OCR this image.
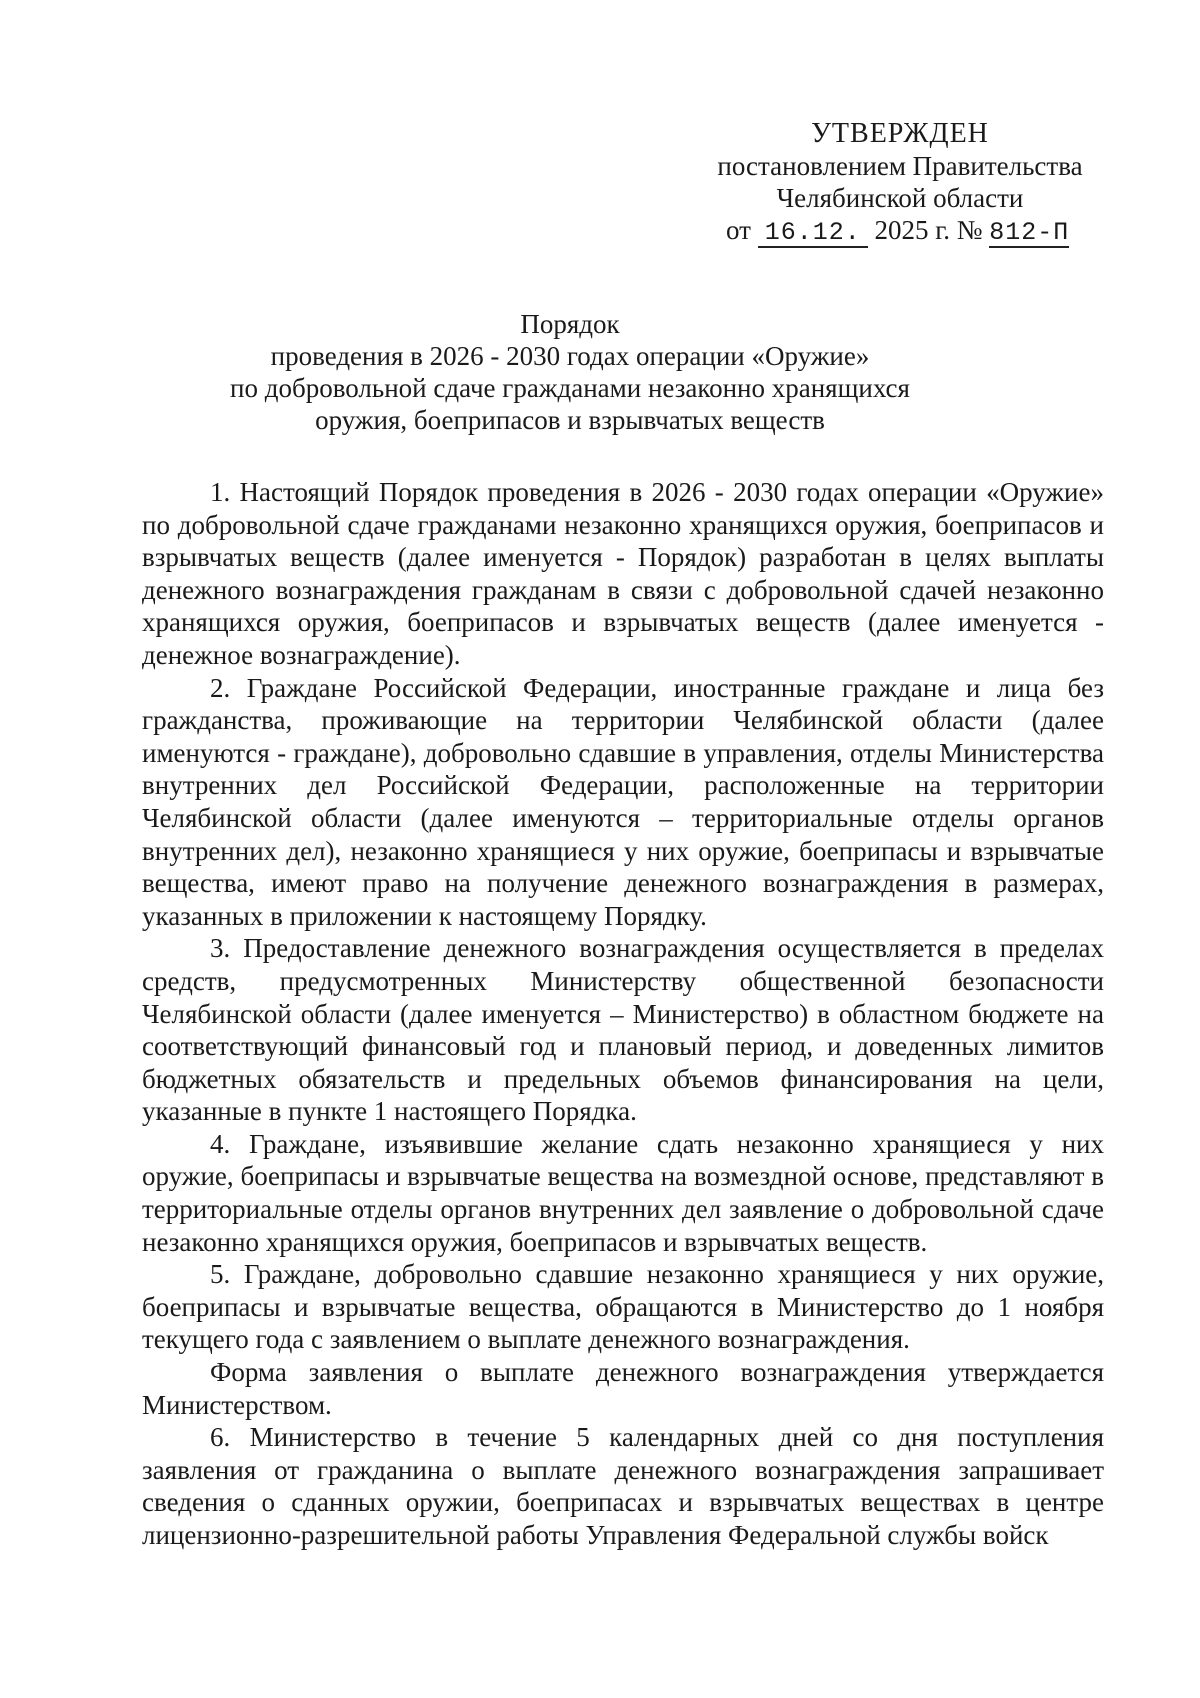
УТВЕРЖДЕН
постановлением Правительства
Челябинской области
от 16.12. 2025 г. № 812-П
Порядок
проведения в 2026 - 2030 годах операции «Оружие»
по добровольной сдаче гражданами незаконно хранящихся
оружия, боеприпасов и взрывчатых веществ

1. Настоящий Порядок проведения в 2026 - 2030 годах операции «Оружие» по добровольной сдаче гражданами незаконно хранящихся оружия, боеприпасов и взрывчатых веществ (далее именуется - Порядок) разработан в целях выплаты денежного вознаграждения гражданам в связи с добровольной сдачей незаконно хранящихся оружия, боеприпасов и взрывчатых веществ (далее именуется - денежное вознаграждение).

2. Граждане Российской Федерации, иностранные граждане и лица без гражданства, проживающие на территории Челябинской области (далее именуются - граждане), добровольно сдавшие в управления, отделы Министерства внутренних дел Российской Федерации, расположенные на территории Челябинской области (далее именуются – территориальные отделы органов внутренних дел), незаконно хранящиеся у них оружие, боеприпасы и взрывчатые вещества, имеют право на получение денежного вознаграждения в размерах, указанных в приложении к настоящему Порядку.

3. Предоставление денежного вознаграждения осуществляется в пределах средств, предусмотренных Министерству общественной безопасности Челябинской области (далее именуется – Министерство) в областном бюджете на соответствующий финансовый год и плановый период, и доведенных лимитов бюджетных обязательств и предельных объемов финансирования на цели, указанные в пункте 1 настоящего Порядка.

4. Граждане, изъявившие желание сдать незаконно хранящиеся у них оружие, боеприпасы и взрывчатые вещества на возмездной основе, представляют в территориальные отделы органов внутренних дел заявление о добровольной сдаче незаконно хранящихся оружия, боеприпасов и взрывчатых веществ.

5. Граждане, добровольно сдавшие незаконно хранящиеся у них оружие, боеприпасы и взрывчатые вещества, обращаются в Министерство до 1 ноября текущего года с заявлением о выплате денежного вознаграждения.

Форма заявления о выплате денежного вознаграждения утверждается Министерством.

6. Министерство в течение 5 календарных дней со дня поступления заявления от гражданина о выплате денежного вознаграждения запрашивает сведения о сданных оружии, боеприпасах и взрывчатых веществах в центре лицензионно-разрешительной работы Управления Федеральной службы войск
